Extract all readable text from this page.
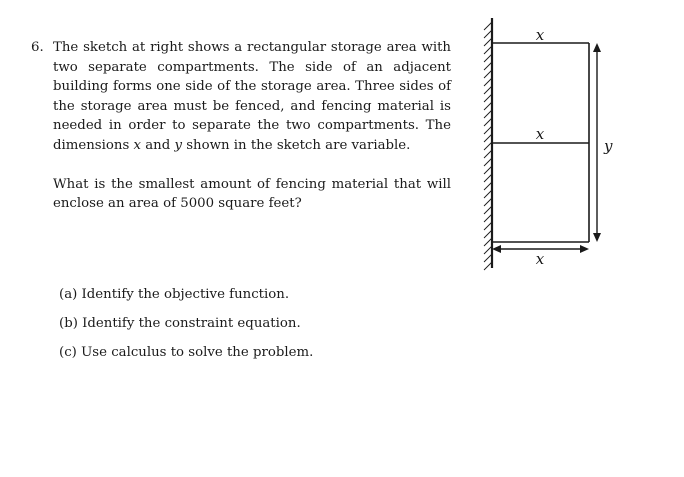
6. The sketch at right shows a rectangular storage area with two separate compartments. The side of an adjacent building forms one side of the storage area. Three sides of the storage area must be fenced, and fencing material is needed in order to separate the two compartments. The dimensions x and y shown in the sketch are variable.

What is the smallest amount of fencing material that will enclose an area of 5000 square feet?

(a) Identify the objective function.
(b) Identify the constraint equation.
(c) Use calculus to solve the problem.
x
x
x
y
